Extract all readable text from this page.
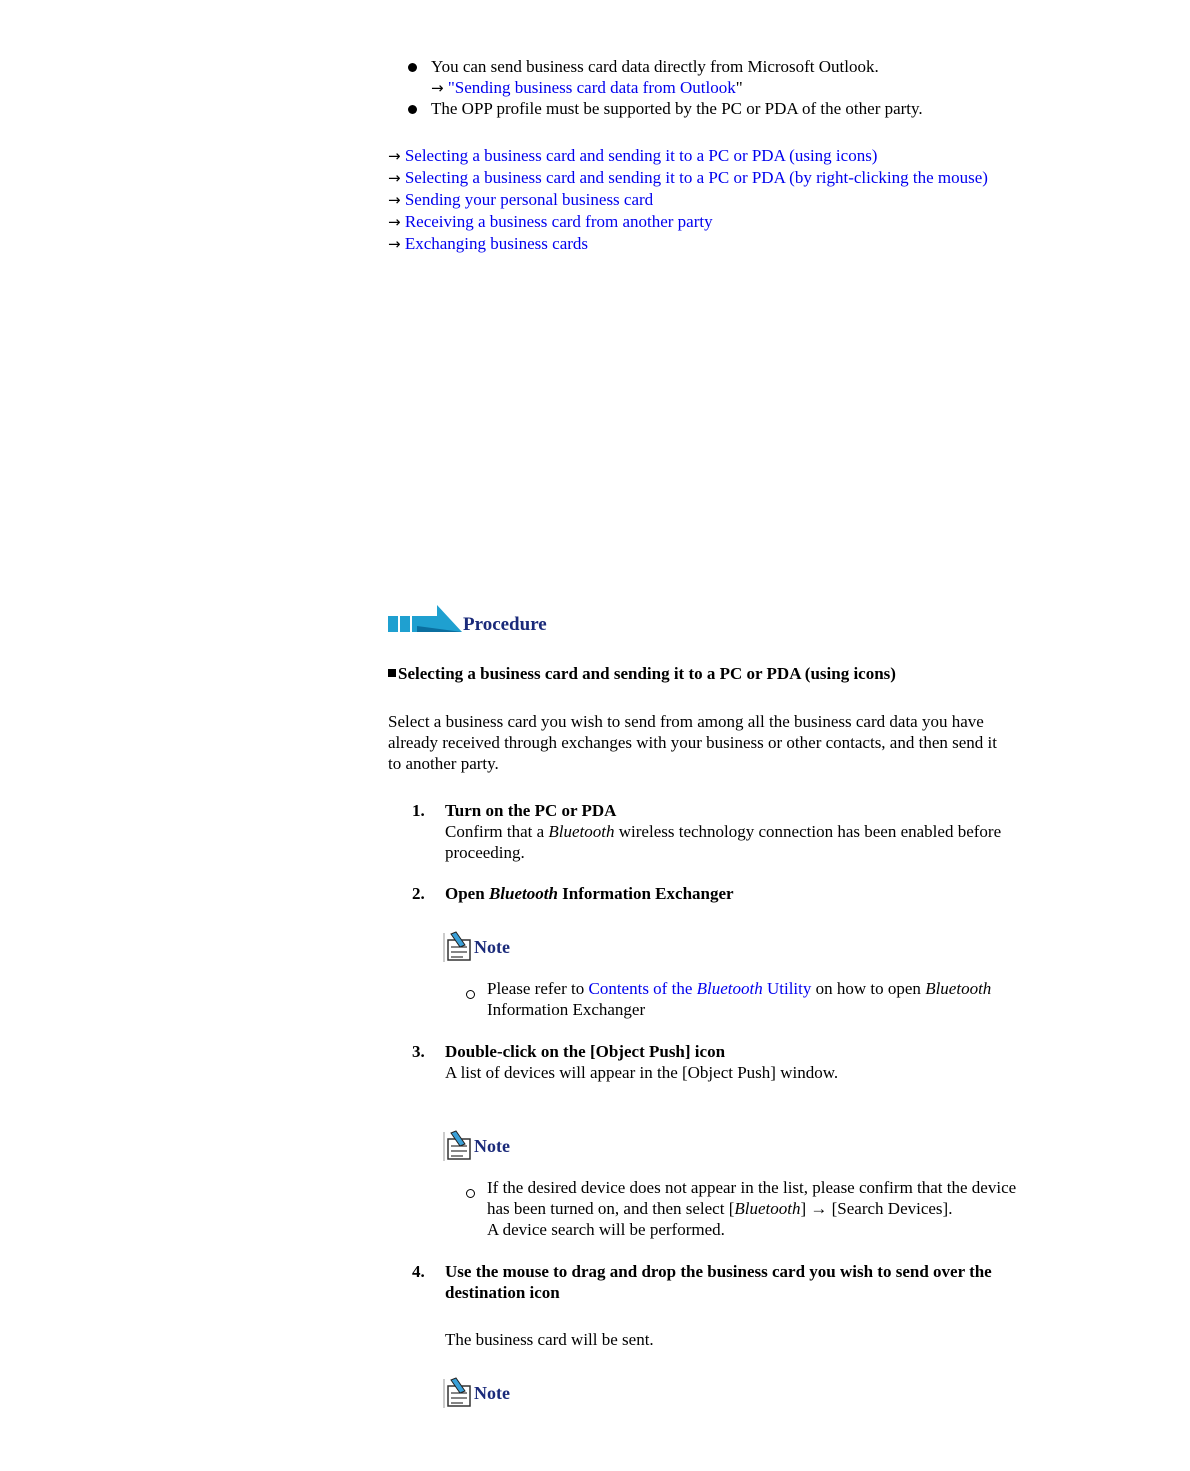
You can send business card data directly from Microsoft Outlook.
→ "Sending business card data from Outlook"
The OPP profile must be supported by the PC or PDA of the other party.
→ Selecting a business card and sending it to a PC or PDA (using icons)
→ Selecting a business card and sending it to a PC or PDA (by right-clicking the mouse)
→ Sending your personal business card
→ Receiving a business card from another party
→ Exchanging business cards
Procedure
Selecting a business card and sending it to a PC or PDA (using icons)
Select a business card you wish to send from among all the business card data you have
already received through exchanges with your business or other contacts, and then send it
to another party.
1. Turn on the PC or PDA
Confirm that a Bluetooth wireless technology connection has been enabled before
proceeding.
2. Open Bluetooth Information Exchanger
Note
Please refer to Contents of the Bluetooth Utility on how to open Bluetooth
Information Exchanger
3. Double-click on the [Object Push] icon
A list of devices will appear in the [Object Push] window.
Note
If the desired device does not appear in the list, please confirm that the device
has been turned on, and then select [Bluetooth] → [Search Devices].
A device search will be performed.
4. Use the mouse to drag and drop the business card you wish to send over the
destination icon
The business card will be sent.
Note
